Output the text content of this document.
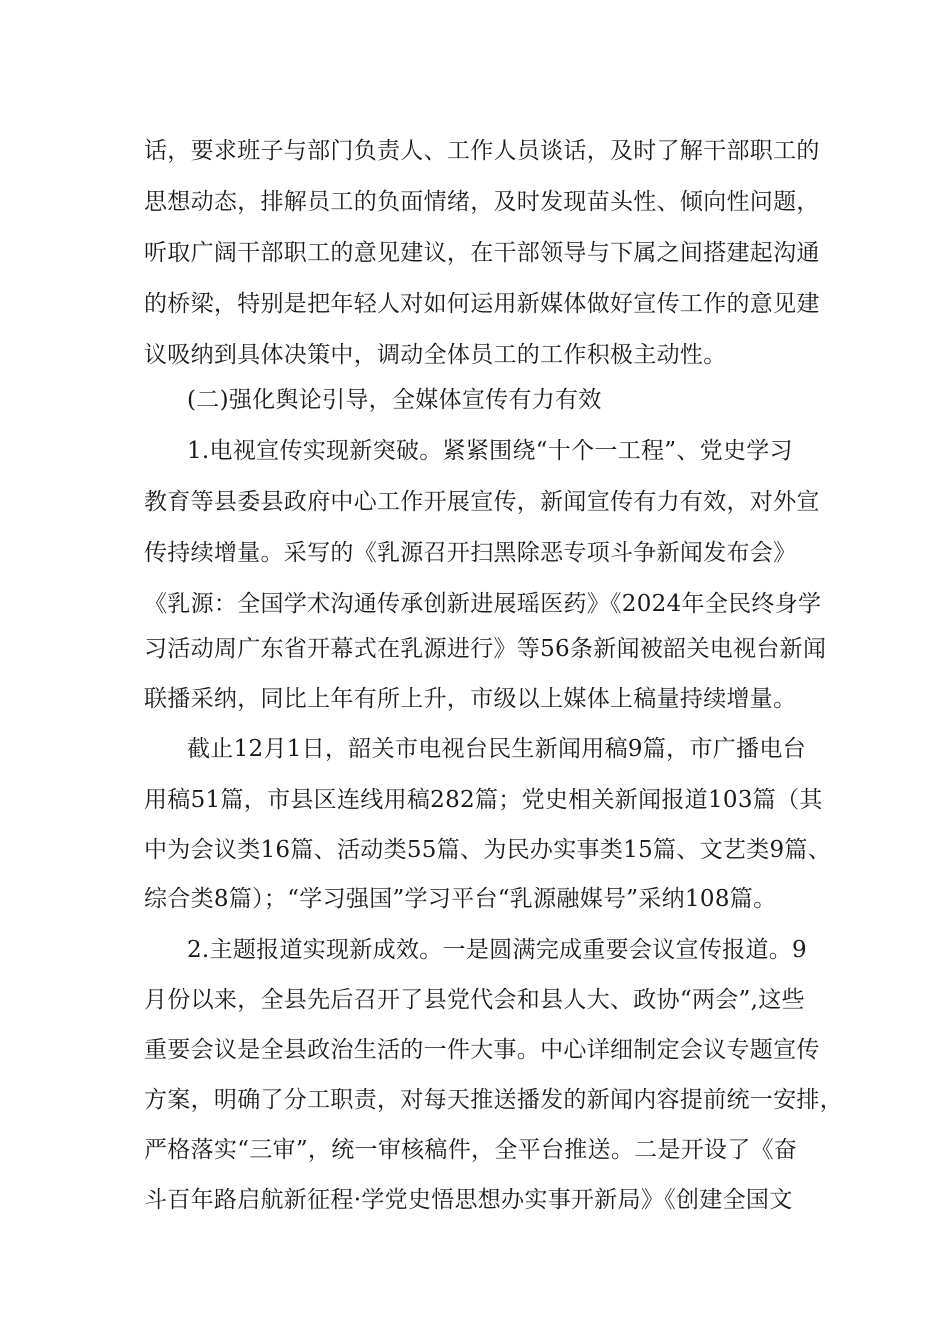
话，要求班子与部门负责人、工作人员谈话，及时了解干部职工的
思想动态，排解员工的负面情绪，及时发现苗头性、倾向性问题，
听取广阔干部职工的意见建议，在干部领导与下属之间搭建起沟通
的桥梁，特别是把年轻人对如何运用新媒体做好宣传工作的意见建
议吸纳到具体决策中，调动全体员工的工作积极主动性。
(二)强化舆论引导，全媒体宣传有力有效
1.电视宣传实现新突破。紧紧围绕“十个一工程”、党史学习
教育等县委县政府中心工作开展宣传，新闻宣传有力有效，对外宣
传持续增量。采写的《乳源召开扫黑除恶专项斗争新闻发布会》
《乳源：全国学术沟通传承创新进展瑶医药》《2024年全民终身学
习活动周广东省开幕式在乳源进行》等56条新闻被韶关电视台新闻
联播采纳，同比上年有所上升，市级以上媒体上稿量持续增量。
截止12月1日，韶关市电视台民生新闻用稿9篇，市广播电台
用稿51篇，市县区连线用稿282篇；党史相关新闻报道103篇（其
中为会议类16篇、活动类55篇、为民办实事类15篇、文艺类9篇、
综合类8篇）；“学习强国”学习平台“乳源融媒号”采纳108篇。
2.主题报道实现新成效。一是圆满完成重要会议宣传报道。9
月份以来，全县先后召开了县党代会和县人大、政协“两会”,这些
重要会议是全县政治生活的一件大事。中心详细制定会议专题宣传
方案，明确了分工职责，对每天推送播发的新闻内容提前统一安排，
严格落实“三审”，统一审核稿件，全平台推送。二是开设了《奋
斗百年路启航新征程·学党史悟思想办实事开新局》《创建全国文
